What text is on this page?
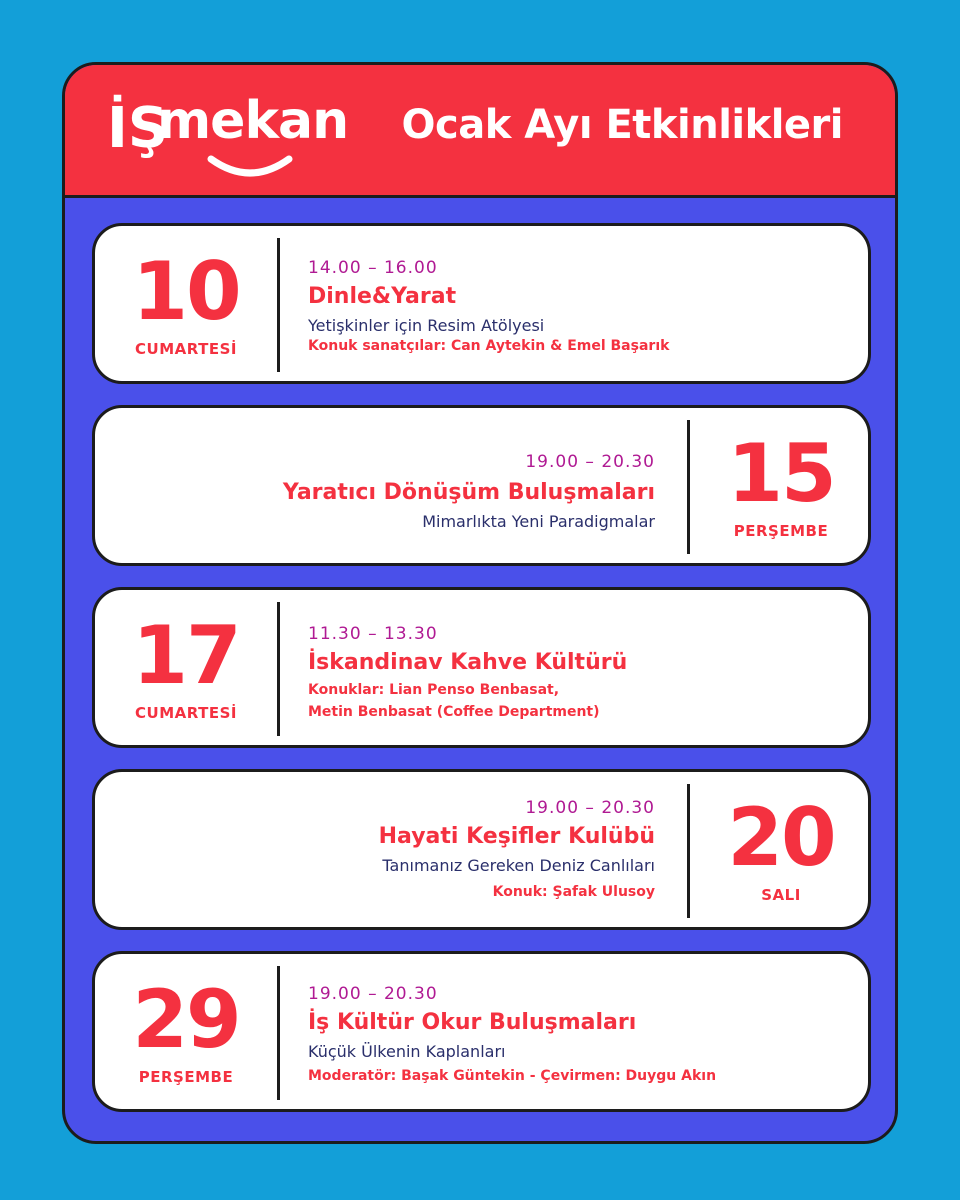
İŞ
mekan Ocak Ayı Etkinlikleri
10
CUMARTESİ
14.00 – 16.00
Dinle&Yarat
Yetişkinler için Resim Atölyesi
Konuk sanatçılar: Can Aytekin & Emel Başarık
19.00 – 20.30
Yaratıcı Dönüşüm Buluşmaları
Mimarlıkta Yeni Paradigmalar
15
PERŞEMBE
17
CUMARTESİ
11.30 – 13.30
İskandinav Kahve Kültürü
Konuklar: Lian Penso Benbasat,
Metin Benbasat (Coffee Department)
19.00 – 20.30
Hayati Keşifler Kulübü
Tanımanız Gereken Deniz Canlıları
Konuk: Şafak Ulusoy
20
SALI
29
PERŞEMBE
19.00 – 20.30
İş Kültür Okur Buluşmaları
Küçük Ülkenin Kaplanları
Moderatör: Başak Güntekin - Çevirmen: Duygu Akın
